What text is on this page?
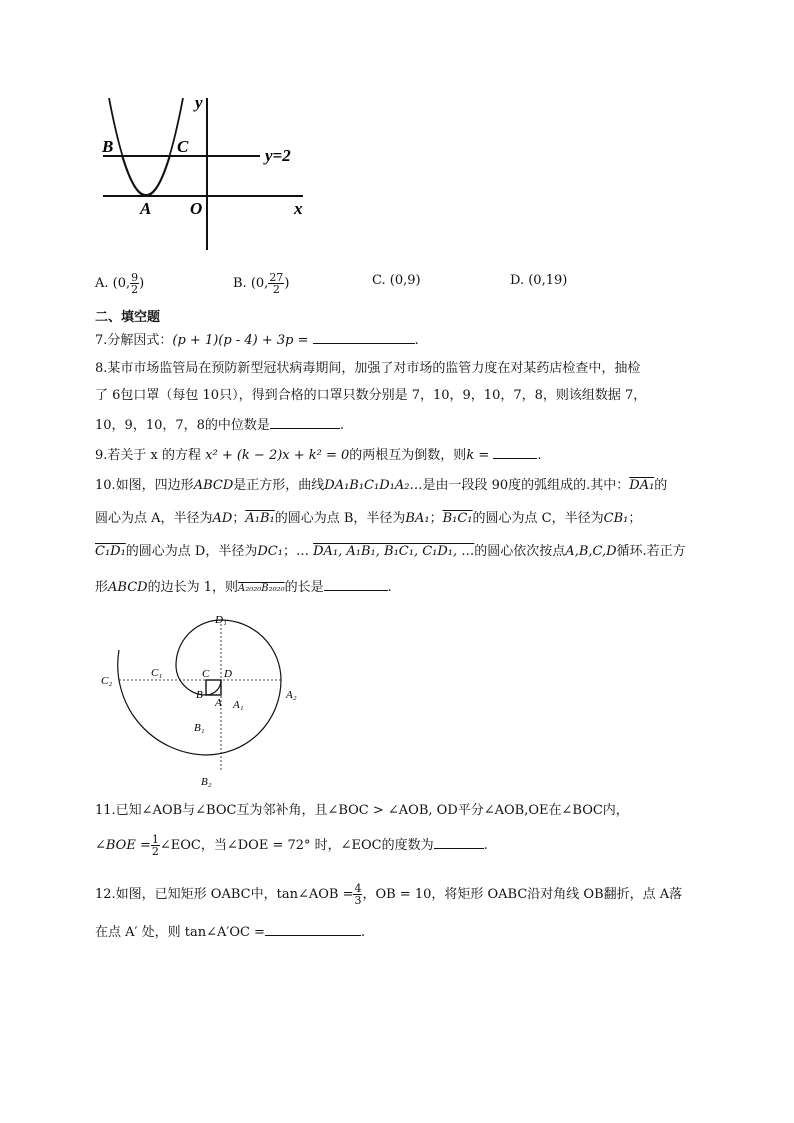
y
x
O
A
B	C	y=2
A. (0, $\frac{9}{2}$ )	B. (0, $\frac{27}{2}$ )	C. (0,9)	D. (0,19)
二、填空题
7.分解因式：(p + 1)(p - 4) + 3p =	.
8.某市市场监管局在预防新型冠状病毒期间，加强了对市场的监管力度在对某药店检查中，抽检
了 6包口罩（每包 10只），得到合格的口罩只数分别是 7，10，9，10，7，8，则该组数据 7，
10，9，10，7，8的中位数是	.
9.若关于 x 的方程 x² + (k − 2)x + k² = 0的两根互为倒数，则k =	.
10.如图，四边形ABCD是正方形，曲线DA₁B₁C₁D₁A₂…是由一段段 90度的弧组成的.其中：DA₁的
圆心为点 A，半径为AD；A₁B₁的圆心为点 B，半径为BA₁；B₁C₁的圆心为点 C，半径为CB₁；
C₁D₁的圆心为点 D，半径为DC₁；… DA₁, A₁B₁, B₁C₁, C₁D₁, …的圆心依次按点A,B,C,D循环.若正方
形ABCD的边长为 1，则A₂₀₂₀B₂₀₂₀的长是	.
D₁
C₁
C₂
C D
B
A A₁
A₂
B₁
B₂
11.已知∠AOB与∠BOC互为邻补角，且∠BOC > ∠AOB, OD平分∠AOB,OE在∠BOC内，
∠BOE = $\frac{1}{2}$ ∠EOC，当∠DOE = 72° 时，∠EOC的度数为	.
12.如图，已知矩形 OABC中，tan∠AOB = $\frac{4}{3}$ ，OB = 10，将矩形 OABC沿对角线 OB翻折，点 A落
在点 A′ 处，则 tan∠A′OC =	.
